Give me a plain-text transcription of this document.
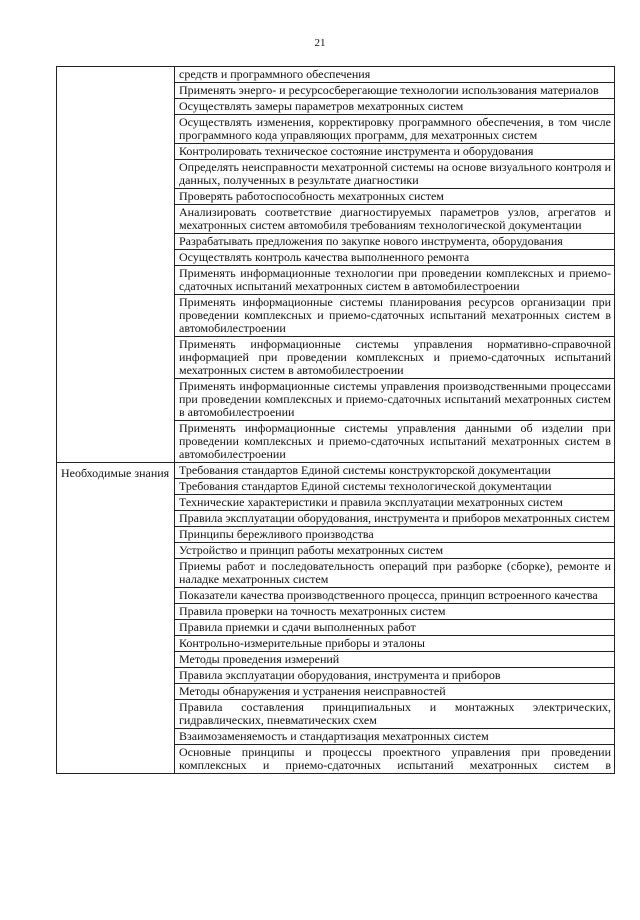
21
	средств и программного обеспечения
	Применять энерго- и ресурсосберегающие технологии использования материалов
	Осуществлять замеры параметров мехатронных систем
	Осуществлять изменения, корректировку программного обеспечения, в том числе программного кода управляющих программ, для мехатронных систем
	Контролировать техническое состояние инструмента и оборудования
	Определять неисправности мехатронной системы на основе визуального контроля и данных, полученных в результате диагностики
	Проверять работоспособность мехатронных систем
	Анализировать соответствие диагностируемых параметров узлов, агрегатов и мехатронных систем автомобиля требованиям технологической документации
	Разрабатывать предложения по закупке нового инструмента, оборудования
	Осуществлять контроль качества выполненного ремонта
	Применять информационные технологии при проведении комплексных и приемо-сдаточных испытаний мехатронных систем в автомобилестроении
	Применять информационные системы планирования ресурсов организации при проведении комплексных и приемо-сдаточных испытаний мехатронных систем в автомобилестроении
	Применять информационные системы управления нормативно-справочной информацией при проведении комплексных и приемо-сдаточных испытаний мехатронных систем в автомобилестроении
	Применять информационные системы управления производственными процессами при проведении комплексных и приемо-сдаточных испытаний мехатронных систем в автомобилестроении
	Применять информационные системы управления данными об изделии при проведении комплексных и приемо-сдаточных испытаний мехатронных систем в автомобилестроении
Необходимые знания	Требования стандартов Единой системы конструкторской документации
	Требования стандартов Единой системы технологической документации
	Технические характеристики и правила эксплуатации мехатронных систем
	Правила эксплуатации оборудования, инструмента и приборов мехатронных систем
	Принципы бережливого производства
	Устройство и принцип работы мехатронных систем
	Приемы работ и последовательность операций при разборке (сборке), ремонте и наладке мехатронных систем
	Показатели качества производственного процесса, принцип встроенного качества
	Правила проверки на точность мехатронных систем
	Правила приемки и сдачи выполненных работ
	Контрольно-измерительные приборы и эталоны
	Методы проведения измерений
	Правила эксплуатации оборудования, инструмента и приборов
	Методы обнаружения и устранения неисправностей
	Правила составления принципиальных и монтажных электрических, гидравлических, пневматических схем
	Взаимозаменяемость и стандартизация мехатронных систем
	Основные принципы и процессы проектного управления при проведении комплексных и приемо-сдаточных испытаний мехатронных систем в
